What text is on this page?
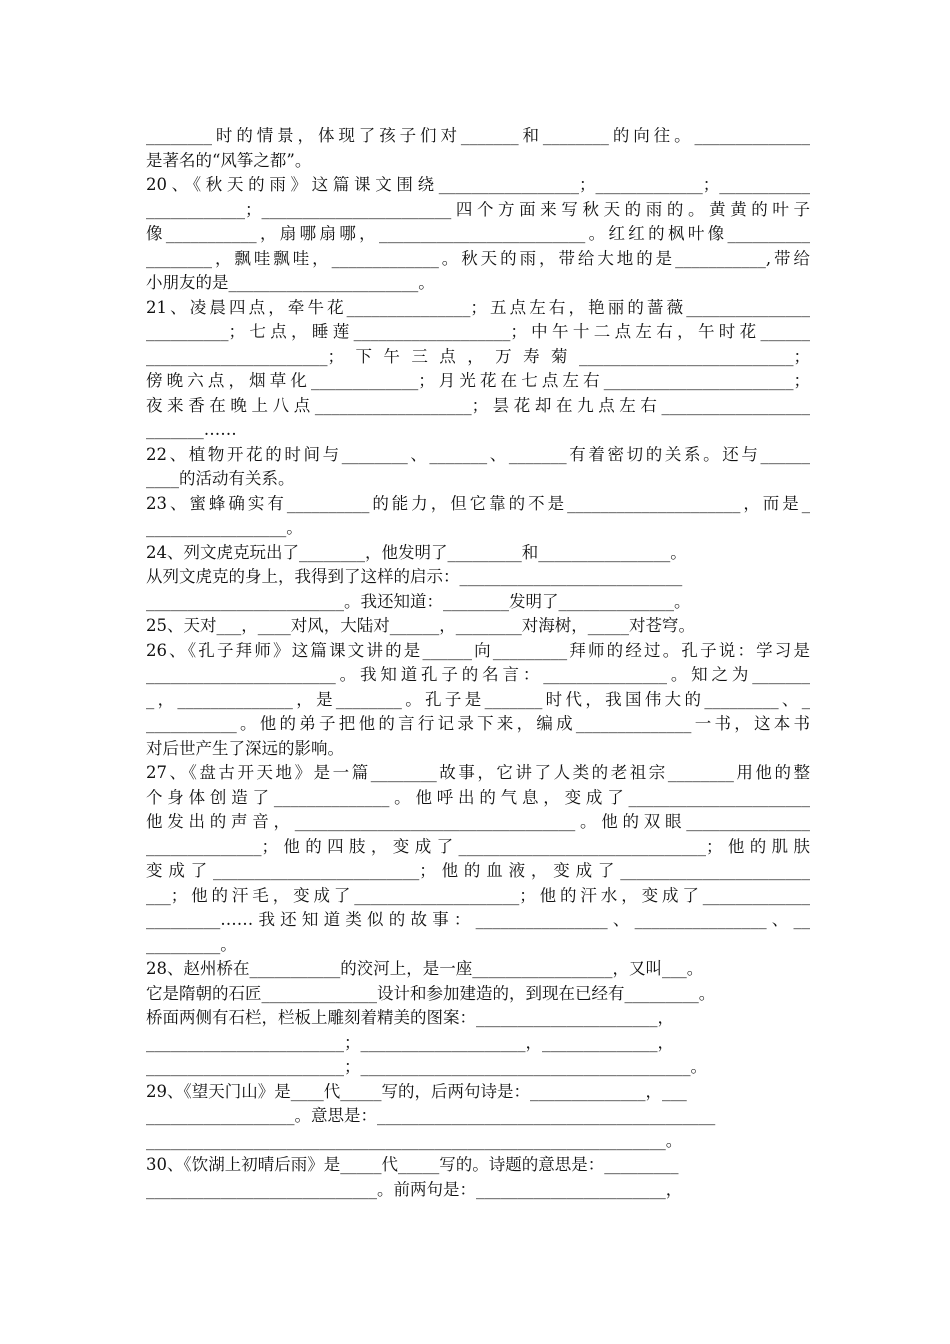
________时的情景，体现了孩子们对_______和________的向往。______________
是著名的“风筝之都”。
20、《秋天的雨》这篇课文围绕_________________；_____________；___________
____________；_______________________四个方面来写秋天的雨的。黄黄的叶子
像___________，扇哪扇哪，_________________________。红红的枫叶像__________
________，飘哇飘哇，_____________。秋天的雨，带给大地的是___________,带给
小朋友的是_______________________。
21、凌晨四点，牵牛花_______________；五点左右，艳丽的蔷薇_______________
__________；七点，睡莲___________________；中午十二点左右，午时花______
______________________；下午三点，万寿菊__________________________；
傍晚六点，烟草化_____________；月光花在七点左右_______________________；
夜来香在晚上八点___________________；昙花却在九点左右__________________
_______……
22、植物开花的时间与________、_______、_______有着密切的关系。还与______
____的活动有关系。
23、蜜蜂确实有__________的能力，但它靠的不是_____________________，而是_
_________________。
24、列文虎克玩出了________，他发明了_________和________________。
从列文虎克的身上，我得到了这样的启示：___________________________
________________________。我还知道：________发明了______________。
25、天对___，____对风，大陆对______，________对海树，_____对苍穹。
26、《孔子拜师》这篇课文讲的是______向_________拜师的经过。孔子说：学习是
_______________________。我知道孔子的名言：_______________。知之为_______
_，______________，是________。孔子是_______时代，我国伟大的_________、_
___________。他的弟子把他的言行记录下来，编成______________一书，这本书
对后世产生了深远的影响。
27、《盘古开天地》是一篇________故事，它讲了人类的老祖宗________用他的整
个身体创造了______________。他呼出的气息，变成了______________________
他发出的声音，__________________________________。他的双眼_______________
______________；他的四肢，变成了______________________________；他的肌肤
变成了_________________________；他的血液，变成了_______________________
___；他的汗毛，变成了____________________；他的汗水，变成了_____________
_________……我还知道类似的故事：________________、________________、__
_________。
28、赵州桥在___________的洨河上，是一座_________________，又叫___。
它是隋朝的石匠______________设计和参加建造的，到现在已经有_________。
桥面两侧有石栏，栏板上雕刻着精美的图案：______________________，
________________________；____________________，______________，
________________________；________________________________________。
29、《望天门山》是____代_____写的，后两句诗是：______________，___
__________________。意思是：_________________________________________
_______________________________________________________________。
30、《饮湖上初晴后雨》是_____代_____写的。诗题的意思是：_________
____________________________。前两句是：_______________________，
